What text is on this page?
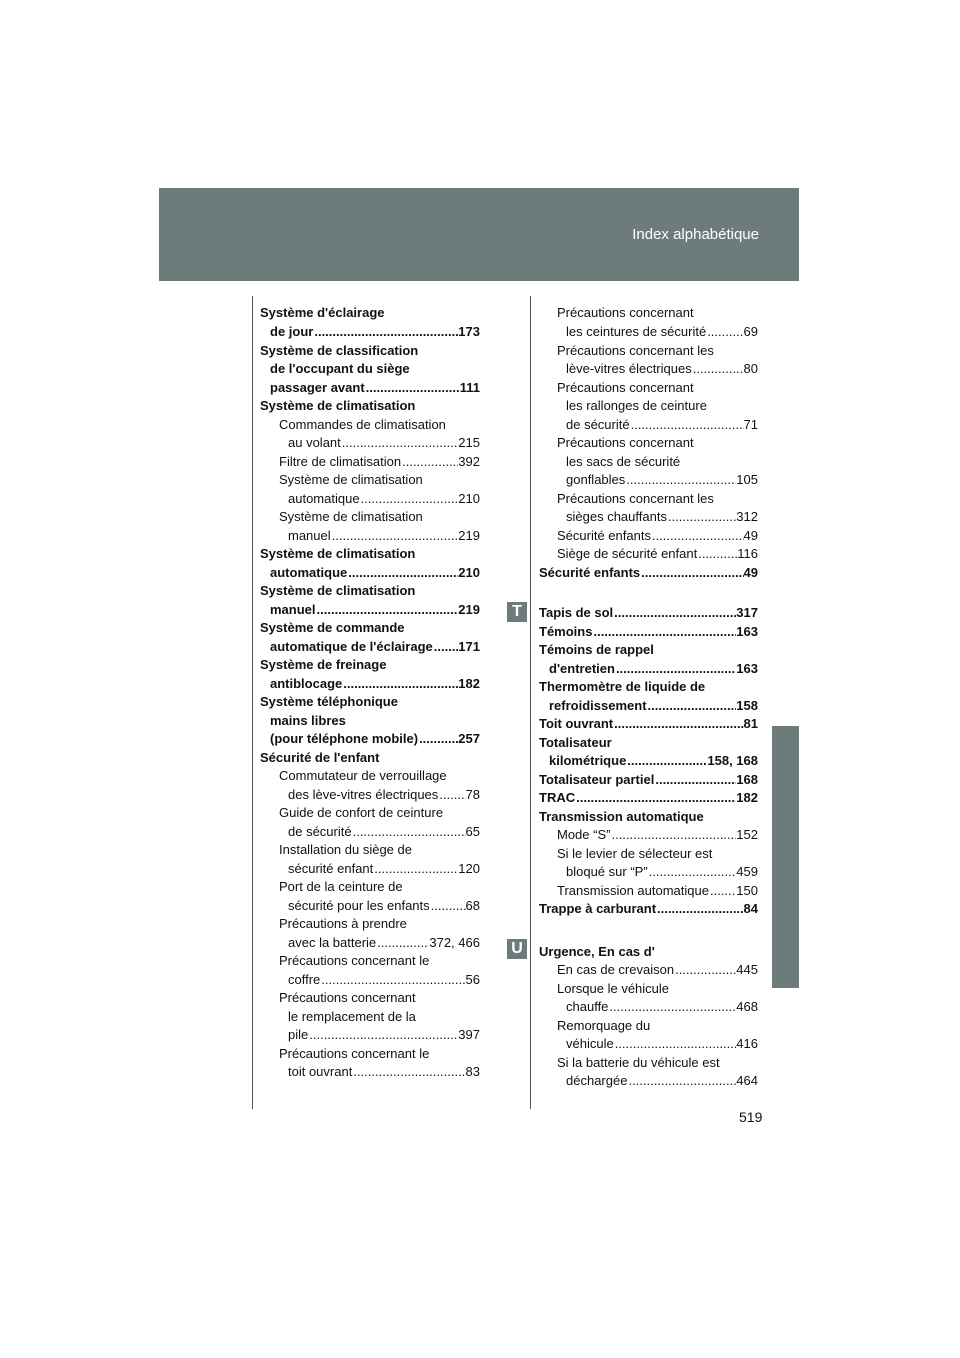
Index alphabétique
T
U
Système d'éclairage
de jour .....	173
Système de classification
de l'occupant du siège
passager avant .....	111
Système de climatisation
Commandes de climatisation
au volant .....	215
Filtre de climatisation .....	392
Système de climatisation
automatique .....	210
Système de climatisation
manuel .....	219
Système de climatisation
automatique .....	210
Système de climatisation
manuel .....	219
Système de commande
automatique de l'éclairage ..... 171
Système de freinage
antiblocage .....	182
Système téléphonique
mains libres
(pour téléphone mobile) .....	257
Sécurité de l'enfant
Commutateur de verrouillage
des lève-vitres électriques ..... 78
Guide de confort de ceinture
de sécurité .....	65
Installation du siège de
sécurité enfant .....	120
Port de la ceinture de
sécurité pour les enfants .....	68
Précautions à prendre
avec la batterie .....	372, 466
Précautions concernant le
coffre .....	56
Précautions concernant
le remplacement de la
pile .....	397
Précautions concernant le
toit ouvrant .....	83
Précautions concernant
les ceintures de sécurité .....	69
Précautions concernant les
lève-vitres électriques .....	80
Précautions concernant
les rallonges de ceinture
de sécurité .....	71
Précautions concernant
les sacs de sécurité
gonflables .....	105
Précautions concernant les
sièges chauffants .....	312
Sécurité enfants .....	49
Siège de sécurité enfant .....	116
Sécurité enfants .....	49
Tapis de sol .....	317
Témoins .....	163
Témoins de rappel
d'entretien .....	163
Thermomètre de liquide de
refroidissement .....	158
Toit ouvrant .....	81
Totalisateur
kilométrique .....	158, 168
Totalisateur partiel .....	168
TRAC .....	182
Transmission automatique
Mode “S” .....	152
Si le levier de sélecteur est
bloqué sur “P” .....	459
Transmission automatique ..... 150
Trappe à carburant .....	84
Urgence, En cas d'
En cas de crevaison .....	445
Lorsque le véhicule
chauffe .....	468
Remorquage du
véhicule .....	416
Si la batterie du véhicule est
déchargée .....	464
519
